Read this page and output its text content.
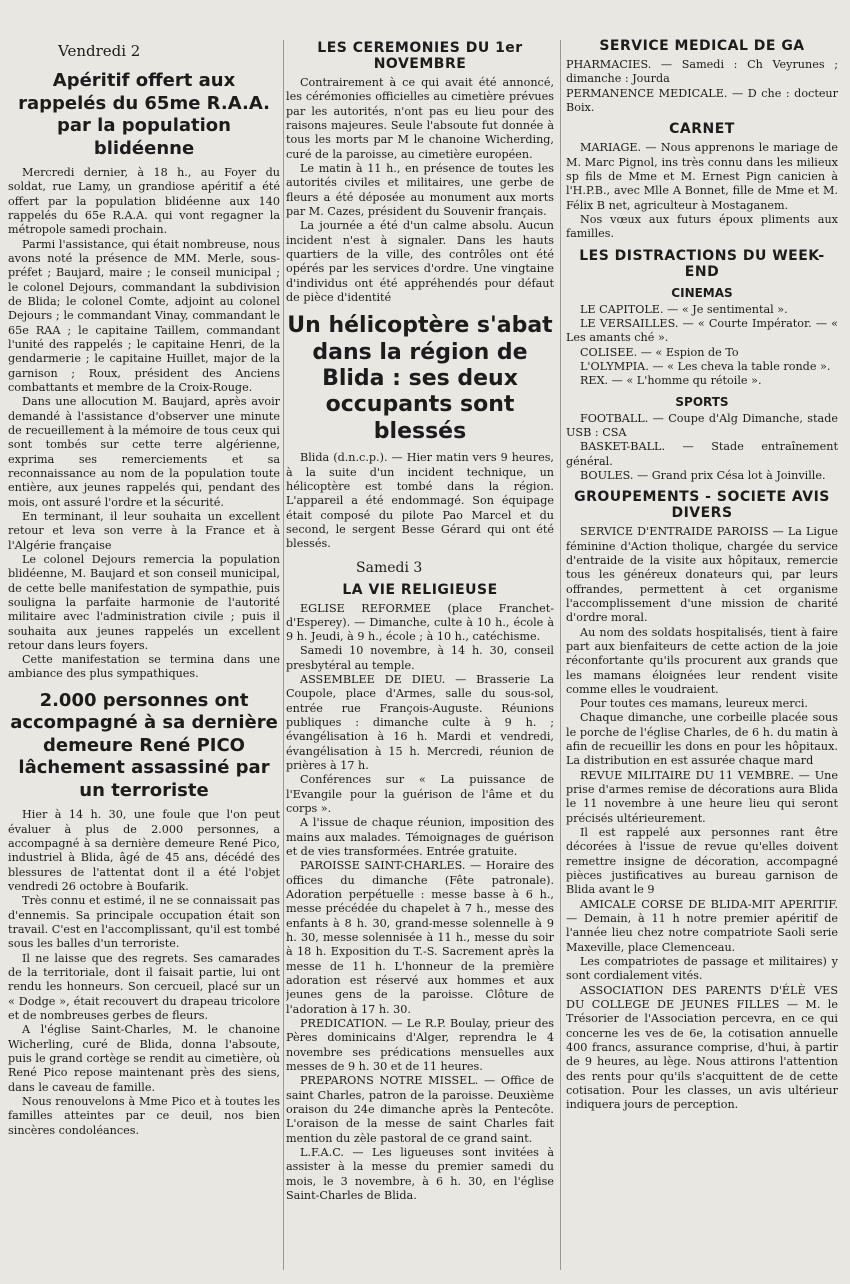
Vendredi 2
Apéritif offert aux rappelés du 65me R.A.A. par la population blidéenne

Mercredi dernier, à 18 h., au Foyer du soldat, rue Lamy, un grandiose apéritif a été offert par la population blidéenne aux 140 rappelés du 65e R.A.A. qui vont regagner la métropole samedi prochain.

Parmi l'assistance, qui était nombreuse, nous avons noté la présence de MM. Merle, sous-préfet ; Baujard, maire ; le conseil municipal ; le colonel Dejours, commandant la subdivision de Blida; le colonel Comte, adjoint au colonel Dejours ; le commandant Vinay, commandant le 65e RAA ; le capitaine Taillem, commandant l'unité des rappelés ; le capitaine Henri, de la gendarmerie ; le capitaine Huillet, major de la garnison ; Roux, président des Anciens combattants et membre de la Croix-Rouge.

Dans une allocution M. Baujard, après avoir demandé à l'assistance d'observer une minute de recueillement à la mémoire de tous ceux qui sont tombés sur cette terre algérienne, exprima ses remerciements et sa reconnaissance au nom de la population toute entière, aux jeunes rappelés qui, pendant des mois, ont assuré l'ordre et la sécurité.

En terminant, il leur souhaita un excellent retour et leva son verre à la France et à l'Algérie française

Le colonel Dejours remercia la population blidéenne, M. Baujard et son conseil municipal, de cette belle manifestation de sympathie, puis souligna la parfaite harmonie de l'autorité militaire avec l'administration civile ; puis il souhaita aux jeunes rappelés un excellent retour dans leurs foyers.

Cette manifestation se termina dans une ambiance des plus sympathiques.

2.000 personnes ont accompagné à sa dernière demeure René PICO lâchement assassiné par un terroriste

Hier à 14 h. 30, une foule que l'on peut évaluer à plus de 2.000 personnes, a accompagné à sa dernière demeure René Pico, industriel à Blida, âgé de 45 ans, décédé des blessures de l'attentat dont il a été l'objet vendredi 26 octobre à Boufarik.

Très connu et estimé, il ne se connaissait pas d'ennemis. Sa principale occupation était son travail. C'est en l'accomplissant, qu'il est tombé sous les balles d'un terroriste.

Il ne laisse que des regrets. Ses camarades de la territoriale, dont il faisait partie, lui ont rendu les honneurs. Son cercueil, placé sur un « Dodge », était recouvert du drapeau tricolore et de nombreuses gerbes de fleurs.

A l'église Saint-Charles, M. le chanoine Wicherling, curé de Blida, donna l'absoute, puis le grand cortège se rendit au cimetière, où René Pico repose maintenant près des siens, dans le caveau de famille.

Nous renouvelons à Mme Pico et à toutes les familles atteintes par ce deuil, nos bien sincères condoléances.

LES CEREMONIES DU 1er NOVEMBRE

Contrairement à ce qui avait été annoncé, les cérémonies officielles au cimetière prévues par les autorités, n'ont pas eu lieu pour des raisons majeures. Seule l'absoute fut donnée à tous les morts par M le chanoine Wicherding, curé de la paroisse, au cimetière européen.

Le matin à 11 h., en présence de toutes les autorités civiles et militaires, une gerbe de fleurs a été déposée au monument aux morts par M. Cazes, président du Souvenir français.

La journée a été d'un calme absolu. Aucun incident n'est à signaler. Dans les hauts quartiers de la ville, des contrôles ont été opérés par les services d'ordre. Une vingtaine d'individus ont été appréhendés pour défaut de pièce d'identité

Un hélicoptère s'abat dans la région de Blida : ses deux occupants sont blessés

Blida (d.n.c.p.). — Hier matin vers 9 heures, à la suite d'un incident technique, un hélicoptère est tombé dans la région. L'appareil a été endommagé. Son équipage était composé du pilote Pao Marcel et du second, le sergent Besse Gérard qui ont été blessés.

Samedi 3
LA VIE RELIGIEUSE

EGLISE REFORMEE (place Franchet-d'Esperey). — Dimanche, culte à 10 h., école à 9 h. Jeudi, à 9 h., école ; à 10 h., catéchisme.

Samedi 10 novembre, à 14 h. 30, conseil presbytéral au temple.

ASSEMBLEE DE DIEU. — Brasserie La Coupole, place d'Armes, salle du sous-sol, entrée rue François-Auguste. Réunions publiques : dimanche culte à 9 h. ; évangélisation à 16 h. Mardi et vendredi, évangélisation à 15 h. Mercredi, réunion de prières à 17 h.

Conférences sur « La puissance de l'Evangile pour la guérison de l'âme et du corps ».

A l'issue de chaque réunion, imposition des mains aux malades. Témoignages de guérison et de vies transformées. Entrée gratuite.

PAROISSE SAINT-CHARLES. — Horaire des offices du dimanche (Fête patronale). Adoration perpétuelle : messe basse à 6 h., messe précédée du chapelet à 7 h., messe des enfants à 8 h. 30, grand-messe solennelle à 9 h. 30, messe solennisée à 11 h., messe du soir à 18 h. Exposition du T.-S. Sacrement après la messe de 11 h. L'honneur de la première adoration est réservé aux hommes et aux jeunes gens de la paroisse. Clôture de l'adoration à 17 h. 30.

PREDICATION. — Le R.P. Boulay, prieur des Pères dominicains d'Alger, reprendra le 4 novembre ses prédications mensuelles aux messes de 9 h. 30 et de 11 heures.

PREPARONS NOTRE MISSEL. — Office de saint Charles, patron de la paroisse. Deuxième oraison du 24e dimanche après la Pentecôte. L'oraison de la messe de saint Charles fait mention du zèle pastoral de ce grand saint.

L.F.A.C. — Les ligueuses sont invitées à assister à la messe du premier samedi du mois, le 3 novembre, à 6 h. 30, en l'église Saint-Charles de Blida.

SERVICE MEDICAL DE GA

PHARMACIES. — Samedi : Ch Veyrunes ; dimanche : Jourda

PERMANENCE MEDICALE. — D che : docteur Boix.

CARNET

MARIAGE. — Nous apprenons le mariage de M. Marc Pignol, ins très connu dans les milieux sp fils de Mme et M. Ernest Pign canicien à l'H.P.B., avec Mlle A Bonnet, fille de Mme et M. Félix B net, agriculteur à Mostaganem.

Nos vœux aux futurs époux pliments aux familles.

LES DISTRACTIONS DU WEEK-END
CINEMAS

LE CAPITOLE. — « Je sentimental ».

LE VERSAILLES. — « Courte Impérator. — « Les amants ché ».

COLISEE. — « Espion de To

L'OLYMPIA. — « Les cheva la table ronde ».

REX. — « L'homme qu rétoile ».

SPORTS

FOOTBALL. — Coupe d'Alg Dimanche, stade USB : CSA

BASKET-BALL. — Stade entraînement général.

BOULES. — Grand prix Césa lot à Joinville.

GROUPEMENTS - SOCIETE AVIS DIVERS

SERVICE D'ENTRAIDE PAROISS — La Ligue féminine d'Action tholique, chargée du service d'entraide de la visite aux hôpitaux, remercie tous les généreux donateurs qui, par leurs offrandes, permettent à cet organisme l'accomplissement d'une mission de charité d'ordre moral.

Au nom des soldats hospitalisés, tient à faire part aux bienfaiteurs de cette action de la joie réconfortante qu'ils procurent aux grands que les mamans éloignées leur rendent visite comme elles le voudraient.

Pour toutes ces mamans, leureux merci.

Chaque dimanche, une corbeille placée sous le porche de l'église Charles, de 6 h. du matin à afin de recueillir les dons en pour les hôpitaux. La distribution en est assurée chaque mard

REVUE MILITAIRE DU 11 VEMBRE. — Une prise d'armes remise de décorations aura Blida le 11 novembre à une heure lieu qui seront précisés ultérieurement.

Il est rappelé aux personnes rant être décorées à l'issue de revue qu'elles doivent remettre insigne de décoration, accompagné pièces justificatives au bureau garnison de Blida avant le 9

AMICALE CORSE DE BLIDA-MIT APERITIF. — Demain, à 11 h notre premier apéritif de l'année lieu chez notre compatriote Saoli serie Maxeville, place Clemenceau.

Les compatriotes de passage et militaires) y sont cordialement vités.

ASSOCIATION DES PARENTS D'ÉLÈ VES DU COLLEGE DE JEUNES FILLES — M. le Trésorier de l'Association percevra, en ce qui concerne les ves de 6e, la cotisation annuelle 400 francs, assurance comprise, d'hui, à partir de 9 heures, au lège. Nous attirons l'attention des rents pour qu'ils s'acquittent de de cette cotisation. Pour les classes, un avis ultérieur indiquera jours de perception.
